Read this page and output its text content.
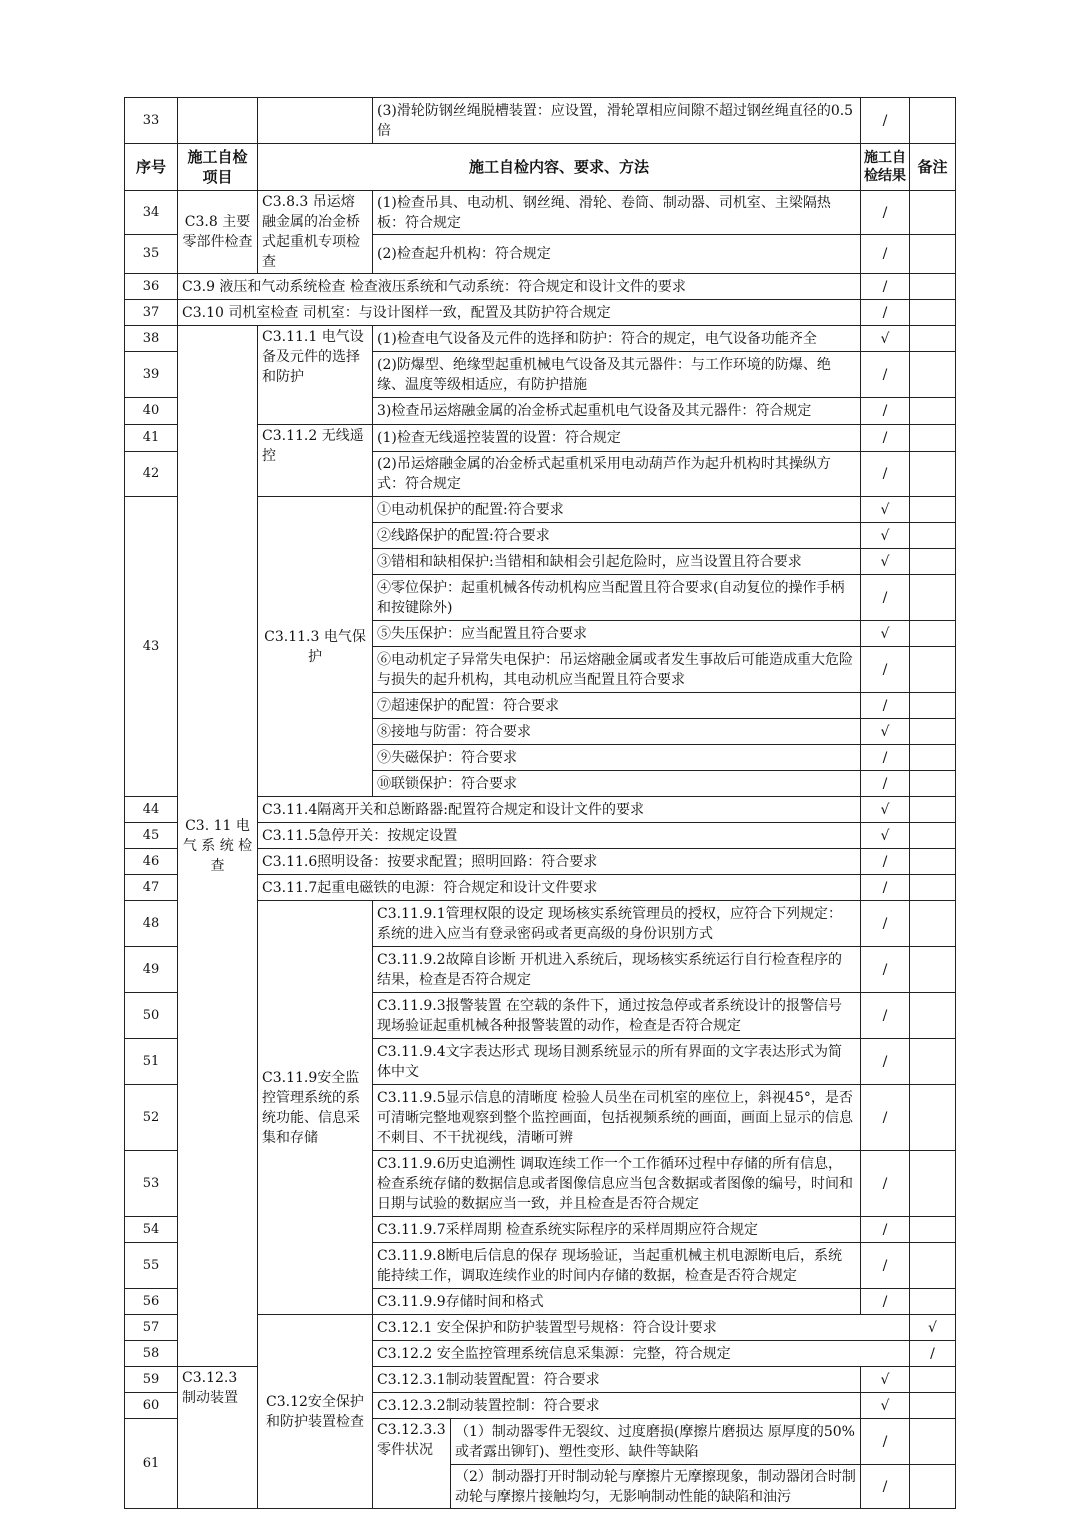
33			(3)滑轮防钢丝绳脱槽装置：应设置，滑轮罩相应间隙不超过钢丝绳直径的0.5倍		/		
序号	施工自检项目	施工自检内容、要求、方法			施工自检结果	备注	
34	C3.8 主要零部件检查	C3.8.3 吊运熔融金属的冶金桥式起重机专项检查	(1)检查吊具、电动机、钢丝绳、滑轮、卷筒、制动器、司机室、主梁隔热板：符合规定		/		
35			(2)检查起升机构：符合规定		/		
36	C3.9 液压和气动系统检查 检查液压系统和气动系统：符合规定和设计文件的要求				/		
37	C3.10 司机室检查 司机室：与设计图样一致，配置及其防护符合规定				/		
38	C3. 11 电 气 系 统 检查	C3.11.1 电气设备及元件的选择和防护	(1)检查电气设备及元件的选择和防护：符合的规定，电气设备功能齐全		√		
39			(2)防爆型、绝缘型起重机械电气设备及其元器件：与工作环境的防爆、绝缘、温度等级相适应，有防护措施		/		
40			3)检查吊运熔融金属的冶金桥式起重机电气设备及其元器件：符合规定		/		
41		C3.11.2 无线遥控	(1)检查无线遥控装置的设置：符合规定		/		
42			(2)吊运熔融金属的冶金桥式起重机采用电动葫芦作为起升机构时其操纵方式：符合规定		/		
43		C3.11.3 电气保护	①电动机保护的配置:符合要求		√		
			②线路保护的配置:符合要求		√		
			③错相和缺相保护:当错相和缺相会引起危险时，应当设置且符合要求		√		
			④零位保护：起重机械各传动机构应当配置且符合要求(自动复位的操作手柄和按键除外)		/		
			⑤失压保护：应当配置且符合要求		√		
			⑥电动机定子异常失电保护：吊运熔融金属或者发生事故后可能造成重大危险与损失的起升机构，其电动机应当配置且符合要求		/		
			⑦超速保护的配置：符合要求		/		
			⑧接地与防雷：符合要求		√		
			⑨失磁保护：符合要求		/		
			⑩联锁保护：符合要求		/		
44		C3.11.4隔离开关和总断路器:配置符合规定和设计文件的要求			√		
45		C3.11.5急停开关：按规定设置			√		
46		C3.11.6照明设备：按要求配置；照明回路：符合要求			/		
47		C3.11.7起重电磁铁的电源：符合规定和设计文件要求			/		
48		C3.11.9安全监控管理系统的系统功能、信息采集和存储	C3.11.9.1管理权限的设定 现场核实系统管理员的授权，应符合下列规定：系统的进入应当有登录密码或者更高级的身份识别方式		/		
49			C3.11.9.2故障自诊断 开机进入系统后，现场核实系统运行自行检查程序的结果，检查是否符合规定		/		
50			C3.11.9.3报警装置 在空载的条件下，通过按急停或者系统设计的报警信号现场验证起重机械各种报警装置的动作，检查是否符合规定		/		
51			C3.11.9.4文字表达形式 现场目测系统显示的所有界面的文字表达形式为简体中文		/		
52			C3.11.9.5显示信息的清晰度 检验人员坐在司机室的座位上，斜视45°，是否可清晰完整地观察到整个监控画面，包括视频系统的画面，画面上显示的信息不刺目、不干扰视线，清晰可辨		/		
53			C3.11.9.6历史追溯性 调取连续工作一个工作循环过程中存储的所有信息，检查系统存储的数据信息或者图像信息应当包含数据或者图像的编号，时间和日期与试验的数据应当一致，并且检查是否符合规定		/		
54			C3.11.9.7采样周期 检查系统实际程序的采样周期应符合规定		/		
55			C3.11.9.8断电后信息的保存 现场验证，当起重机械主机电源断电后，系统能持续工作，调取连续作业的时间内存储的数据，检查是否符合规定		/		
56			C3.11.9.9存储时间和格式		/		
57		C3.12安全保护和防护装置检查	C3.12.1 安全保护和防护装置型号规格：符合设计要求			√	
58			C3.12.2 安全监控管理系统信息采集源：完整，符合规定			/	
59	C3.12.3 制动装置		C3.12.3.1制动装置配置：符合要求		√		
60			C3.12.3.2制动装置控制：符合要求		√		
61			C3.12.3.3 零件状况	（1）制动器零件无裂纹、过度磨损(摩擦片磨损达 原厚度的50%或者露出铆钉)、塑性变形、缺件等缺陷	/		
				（2）制动器打开时制动轮与摩擦片无摩擦现象，制动器闭合时制动轮与摩擦片接触均匀，无影响制动性能的缺陷和油污	/		
